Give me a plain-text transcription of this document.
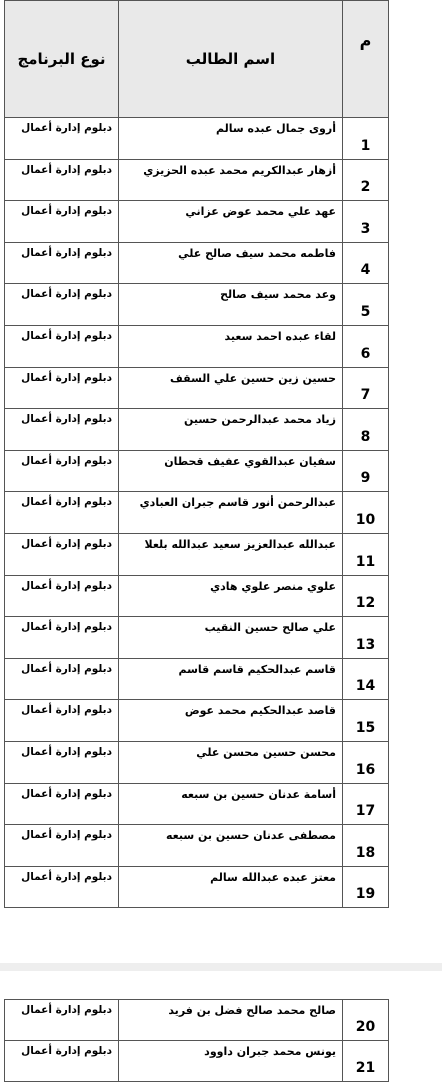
م	اسم الطالب	نوع البرنامج
1	أروى جمال عبده سالم	دبلوم إدارة أعمال
2	أزهار عبدالكريم محمد عبده الحزيزي	دبلوم إدارة أعمال
3	عهد علي محمد عوض عزاني	دبلوم إدارة أعمال
4	فاطمه محمد سيف صالح علي	دبلوم إدارة أعمال
5	وعد محمد سيف صالح	دبلوم إدارة أعمال
6	لقاء عبده احمد سعيد	دبلوم إدارة أعمال
7	حسين زين حسين علي السقف	دبلوم إدارة أعمال
8	زياد محمد عبدالرحمن حسين	دبلوم إدارة أعمال
9	سفيان عبدالقوي عفيف قحطان	دبلوم إدارة أعمال
10	عبدالرحمن أنور قاسم جبران العبادي	دبلوم إدارة أعمال
11	عبدالله عبدالعزيز سعيد عبدالله بلعلا	دبلوم إدارة أعمال
12	علوي منصر علوي هادي	دبلوم إدارة أعمال
13	علي صالح حسين النقيب	دبلوم إدارة أعمال
14	قاسم عبدالحكيم قاسم قاسم	دبلوم إدارة أعمال
15	قاصد عبدالحكيم محمد عوض	دبلوم إدارة أعمال
16	محسن حسين محسن علي	دبلوم إدارة أعمال
17	أسامة عدنان حسين بن سبعه	دبلوم إدارة أعمال
18	مصطفى عدنان حسين بن سبعه	دبلوم إدارة أعمال
19	معتز عبده عبدالله سالم	دبلوم إدارة أعمال
20	صالح محمد صالح فضل بن فريد	دبلوم إدارة أعمال
21	يونس محمد جبران داوود	دبلوم إدارة أعمال
